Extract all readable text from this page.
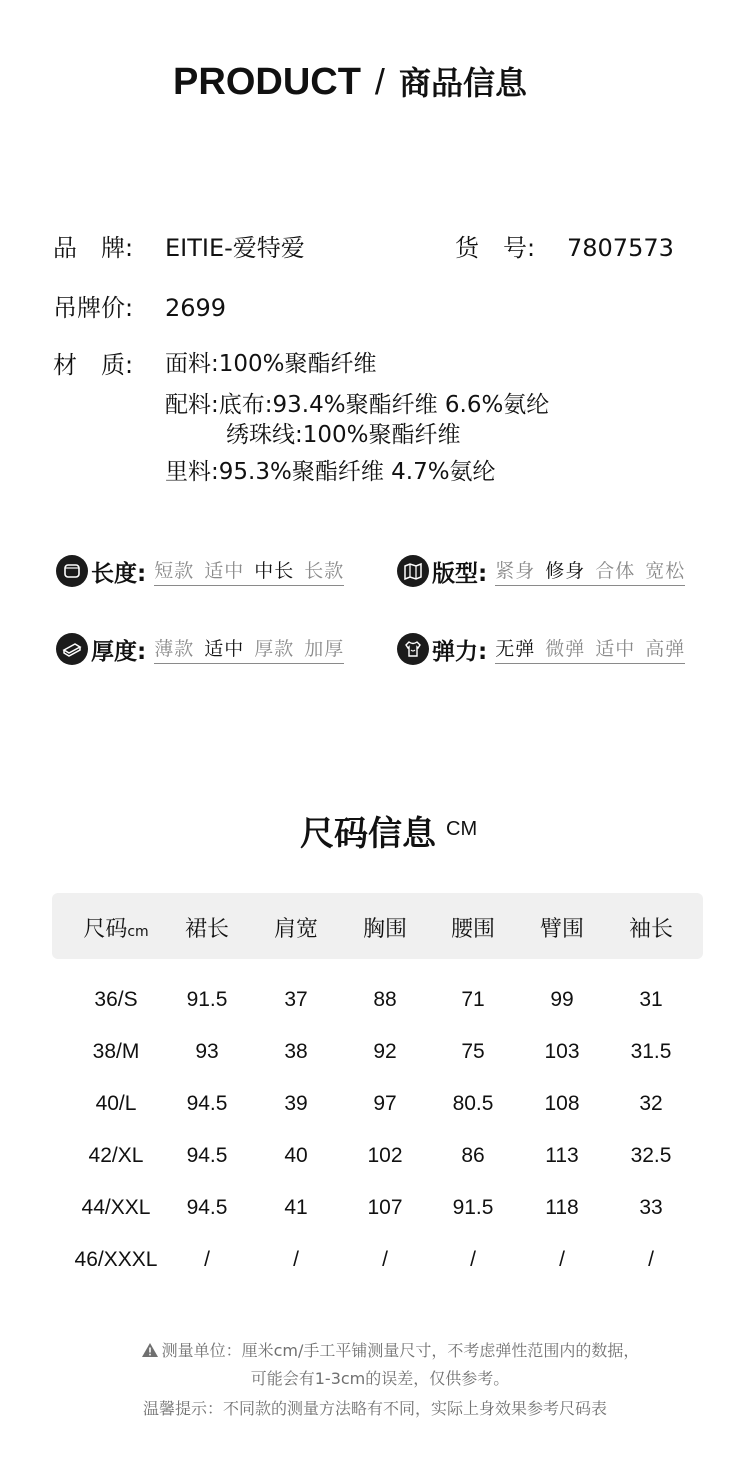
PRODUCT / 商品信息
品　牌: EITIE-爱特爱	货　号: 7807573
吊牌价: 2699
材　质:	面料:100%聚酯纤维
配料:底布:93.4%聚酯纤维 6.6%氨纶
绣珠线:100%聚酯纤维
里料:95.3%聚酯纤维 4.7%氨纶
长度: 短款 适中 中长 长款	版型: 紧身 修身 合体 宽松
厚度: 薄款 适中 厚款 加厚	弹力: 无弹 微弹 适中 高弹
尺码信息 CM
尺码cm	裙长	肩宽	胸围	腰围	臂围	袖长
36/S	91.5	37	88	71	99	31
38/M	93	38	92	75	103	31.5
40/L	94.5	39	97	80.5	108	32
42/XL	94.5	40	102	86	113	32.5
44/XXL	94.5	41	107	91.5	118	33
46/XXXL	/	/	/	/	/	/
测量单位：厘米cm/手工平铺测量尺寸，不考虑弹性范围内的数据，
可能会有1-3cm的误差，仅供参考。
温馨提示：不同款的测量方法略有不同，实际上身效果参考尺码表
